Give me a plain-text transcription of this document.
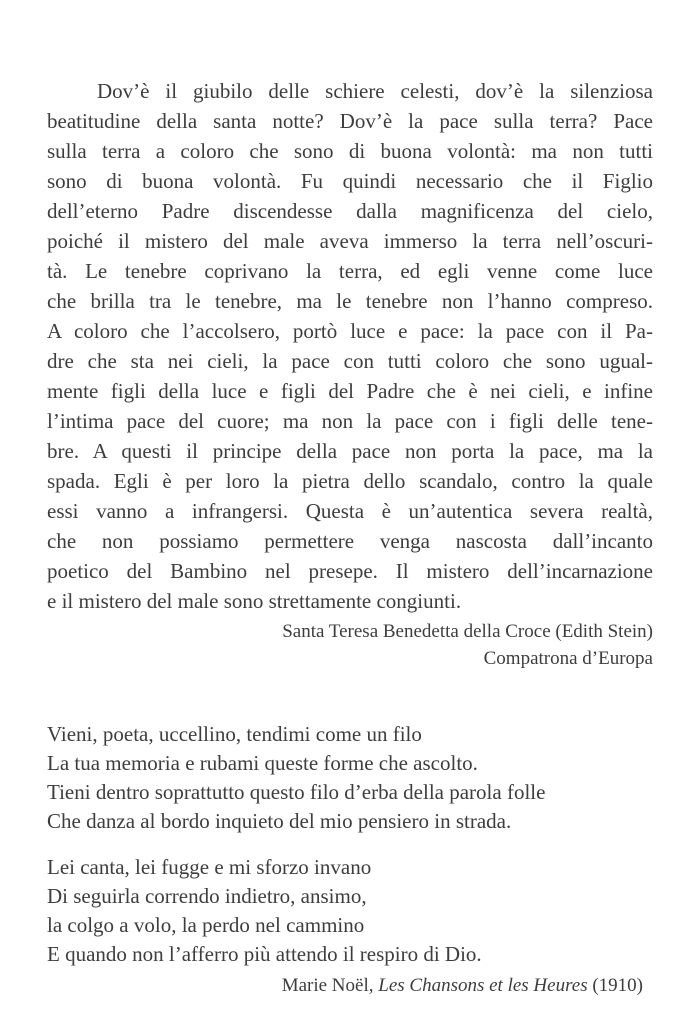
Dov’è il giubilo delle schiere celesti, dov’è la silenziosa
beatitudine della santa notte? Dov’è la pace sulla terra? Pace
sulla terra a coloro che sono di buona volontà: ma non tutti
sono di buona volontà. Fu quindi necessario che il Figlio
dell’eterno Padre discendesse dalla magnificenza del cielo,
poiché il mistero del male aveva immerso la terra nell’oscuri-
tà. Le tenebre coprivano la terra, ed egli venne come luce
che brilla tra le tenebre, ma le tenebre non l’hanno compreso.
A coloro che l’accolsero, portò luce e pace: la pace con il Pa-
dre che sta nei cieli, la pace con tutti coloro che sono ugual-
mente figli della luce e figli del Padre che è nei cieli, e infine
l’intima pace del cuore; ma non la pace con i figli delle tene-
bre. A questi il principe della pace non porta la pace, ma la
spada. Egli è per loro la pietra dello scandalo, contro la quale
essi vanno a infrangersi. Questa è un’autentica severa realtà,
che non possiamo permettere venga nascosta dall’incanto
poetico del Bambino nel presepe. Il mistero dell’incarnazione
e il mistero del male sono strettamente congiunti.
Santa Teresa Benedetta della Croce (Edith Stein)
Compatrona d’Europa
Vieni, poeta, uccellino, tendimi come un filo
La tua memoria e rubami queste forme che ascolto.
Tieni dentro soprattutto questo filo d’erba della parola folle
Che danza al bordo inquieto del mio pensiero in strada.
Lei canta, lei fugge e mi sforzo invano
Di seguirla correndo indietro, ansimo,
la colgo a volo, la perdo nel cammino
E quando non l’afferro più attendo il respiro di Dio.
Marie Noël, Les Chansons et les Heures (1910)
